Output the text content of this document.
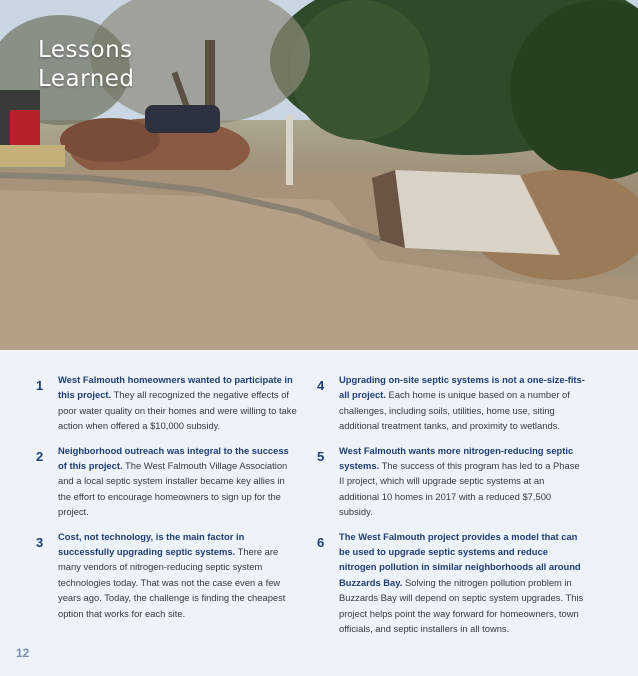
Lessons
Learned
1 West Falmouth homeowners wanted to participate in this project. They all recognized the negative effects of poor water quality on their homes and were willing to take action when offered a $10,000 subsidy.

2 Neighborhood outreach was integral to the success of this project. The West Falmouth Village Association and a local septic system installer became key allies in the effort to encourage homeowners to sign up for the project.

3 Cost, not technology, is the main factor in successfully upgrading septic systems. There are many vendors of nitrogen-reducing septic system technologies today. That was not the case even a few years ago. Today, the challenge is finding the cheapest option that works for each site.

4 Upgrading on-site septic systems is not a one-size-fits-all project. Each home is unique based on a number of challenges, including soils, utilities, home use, siting additional treatment tanks, and proximity to wetlands.

5 West Falmouth wants more nitrogen-reducing septic systems. The success of this program has led to a Phase II project, which will upgrade septic systems at an additional 10 homes in 2017 with a reduced $7,500 subsidy.

6 The West Falmouth project provides a model that can be used to upgrade septic systems and reduce nitrogen pollution in similar neighborhoods all around Buzzards Bay. Solving the nitrogen pollution problem in Buzzards Bay will depend on septic system upgrades. This project helps point the way forward for homeowners, town officials, and septic installers in all towns.

12
